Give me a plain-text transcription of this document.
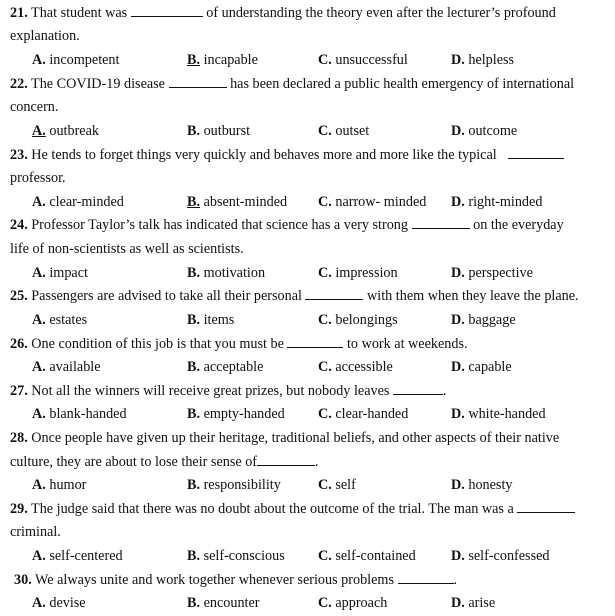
21. That student was	of understanding the theory even after the lecturer’s profound
explanation.
A. incompetent	B. incapable	C. unsuccessful	D. helpless
22. The COVID-19 disease	has been declared a public health emergency of international
concern.
A. outbreak	B. outburst	C. outset	D. outcome
23. He tends to forget things very quickly and behaves more and more like the typical
professor.
A. clear-minded	B. absent-minded C. narrow- minded D. right-minded
24. Professor Taylor’s talk has indicated that science has a very strong	on the everyday
life of non-scientists as well as scientists.
A. impact	B. motivation	C. impression	D. perspective
25. Passengers are advised to take all their personal	with them when they leave the plane.
A. estates	B. items	C. belongings	D. baggage
26. One condition of this job is that you must be	to work at weekends.
A. available	B. acceptable	C. accessible	D. capable
27. Not all the winners will receive great prizes, but nobody leaves	.
A. blank-handed	B. empty-handed C. clear-handed	D. white-handed
28. Once people have given up their heritage, traditional beliefs, and other aspects of their native
culture, they are about to lose their sense of	.
A. humor	B. responsibility	C. self	D. honesty
29. The judge said that there was no doubt about the outcome of the trial. The man was a
criminal.
A. self-centered	B. self-conscious C. self-contained D. self-confessed
30. We always unite and work together whenever serious problems	.
A. devise	B. encounter	C. approach	D. arise
